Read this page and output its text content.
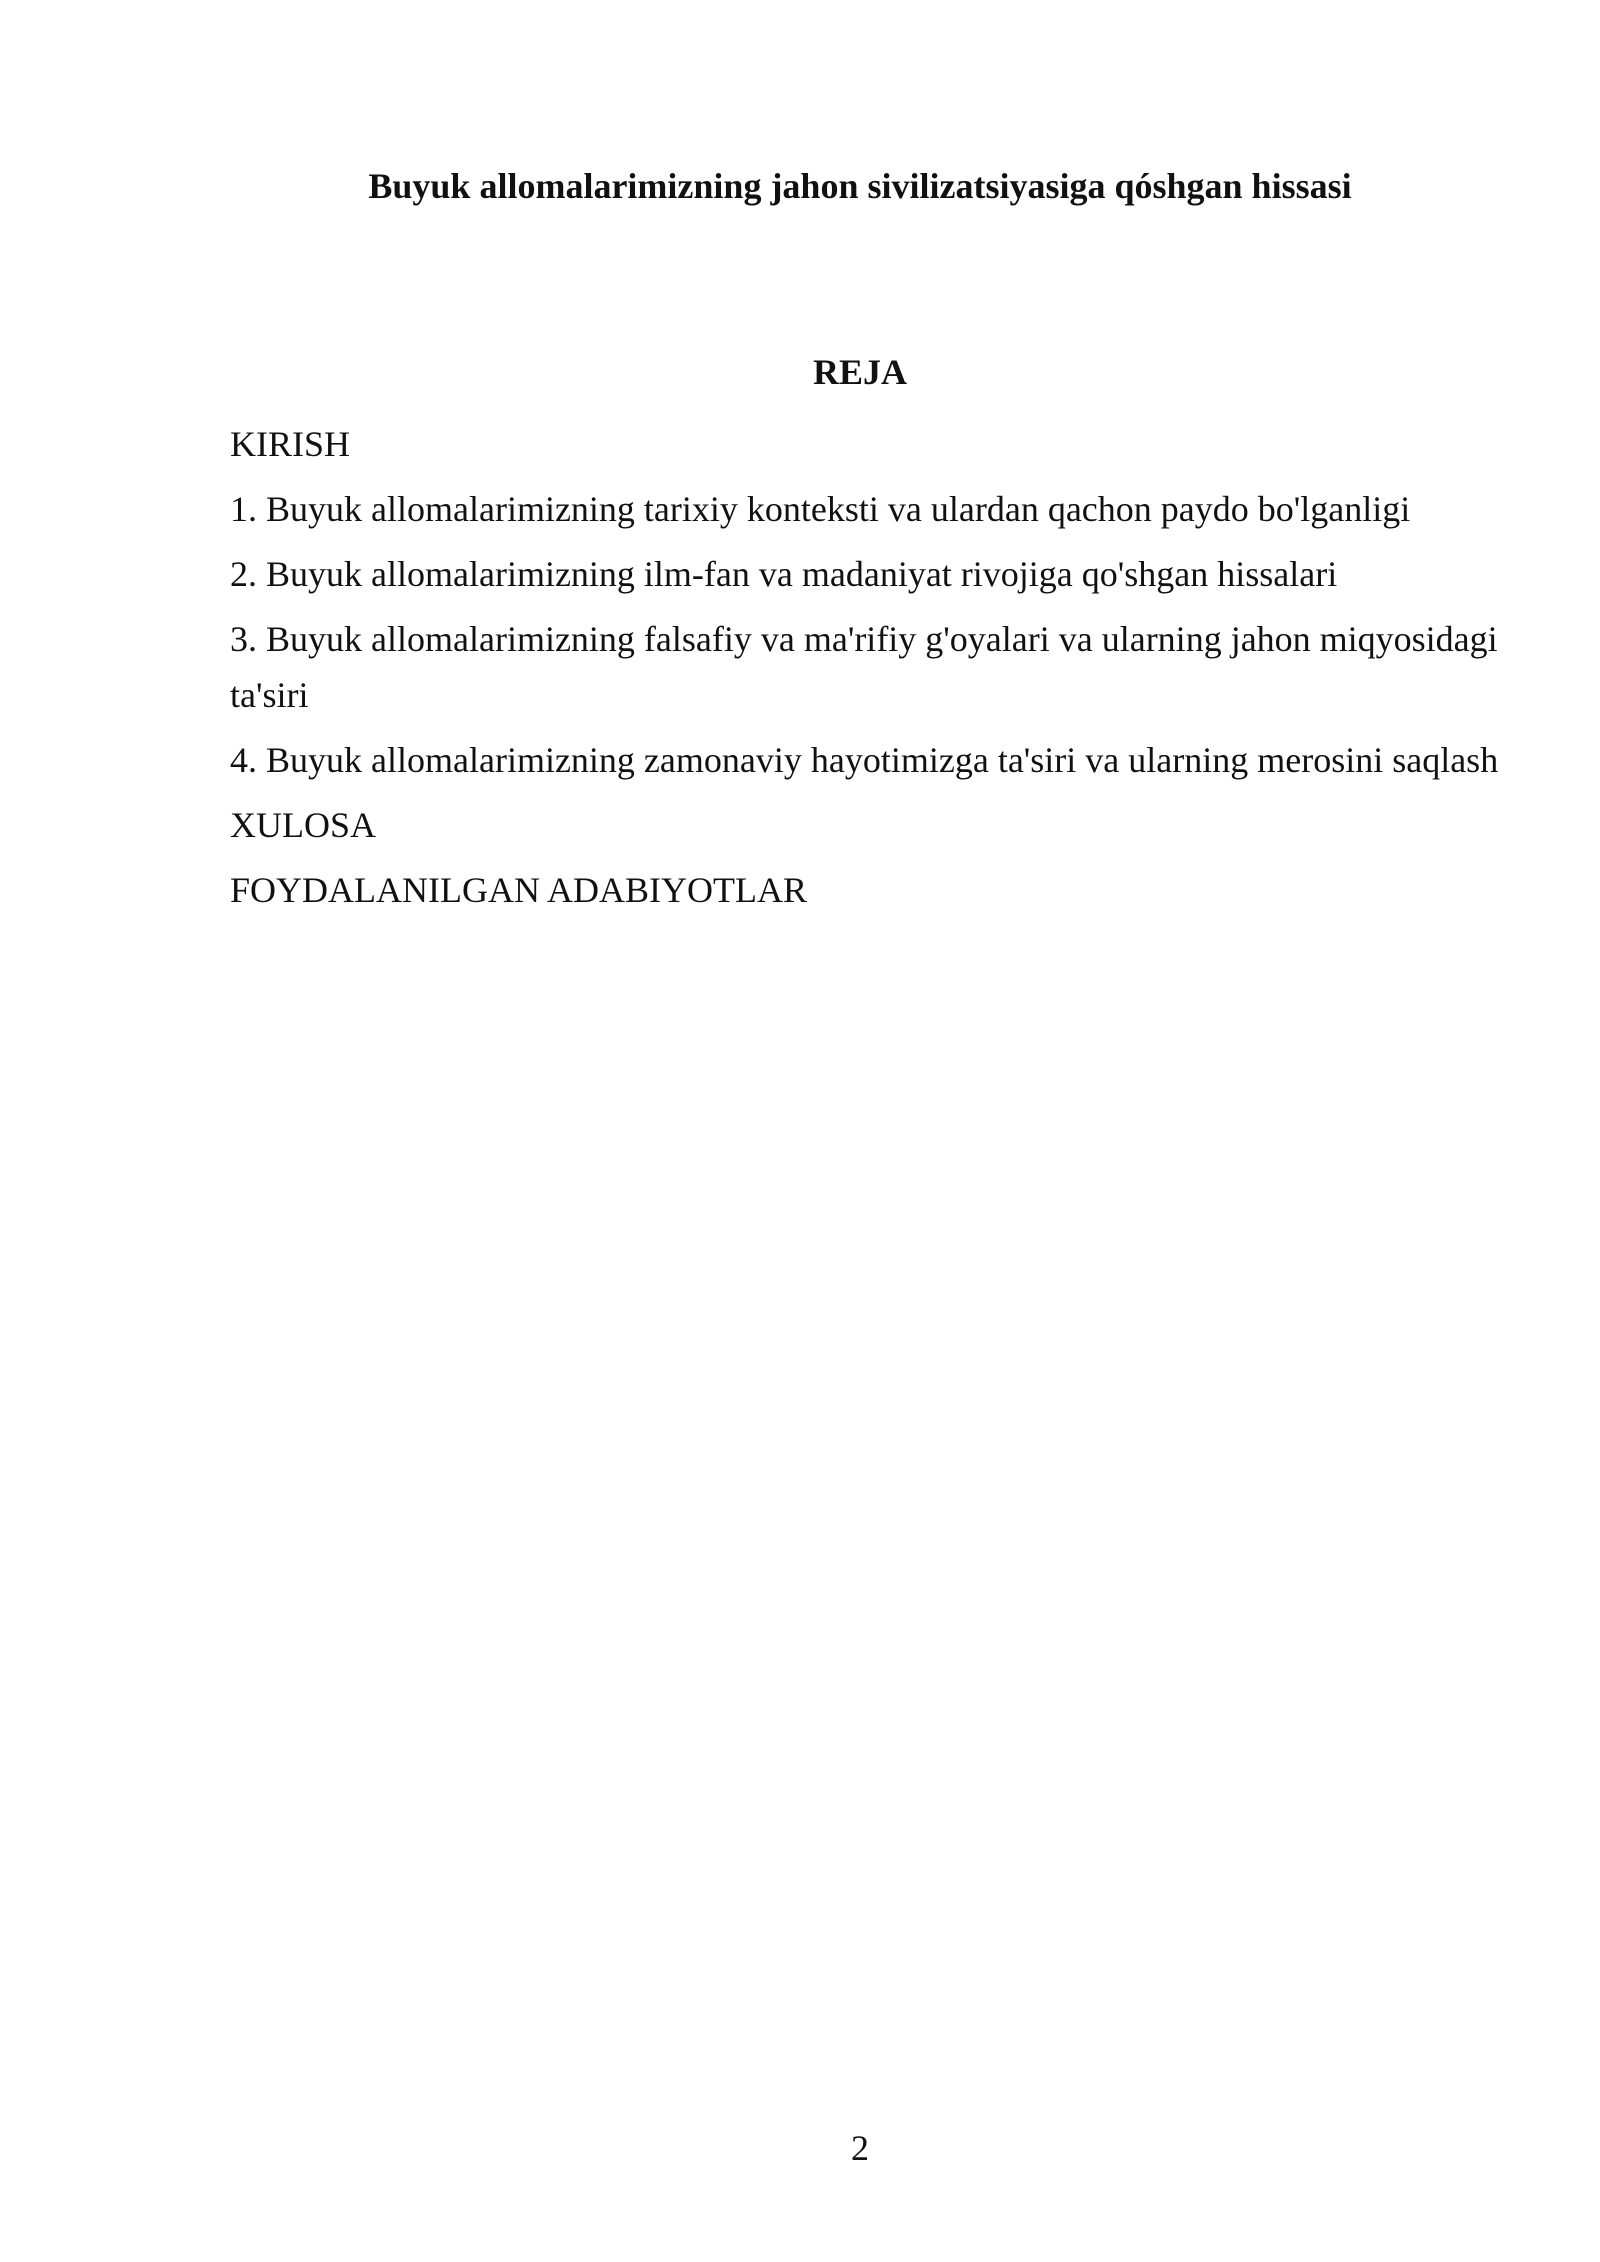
Buyuk allomalarimizning jahon sivilizatsiyasiga qóshgan hissasi
REJA
KIRISH
1. Buyuk allomalarimizning tarixiy konteksti va ulardan qachon paydo bo'lganligi
2. Buyuk allomalarimizning ilm-fan va madaniyat rivojiga qo'shgan hissalari
3. Buyuk allomalarimizning falsafiy va ma'rifiy g'oyalari va ularning jahon miqyosidagi ta'siri
4. Buyuk allomalarimizning zamonaviy hayotimizga ta'siri va ularning merosini saqlash
XULOSA
FOYDALANILGAN ADABIYOTLAR
2
